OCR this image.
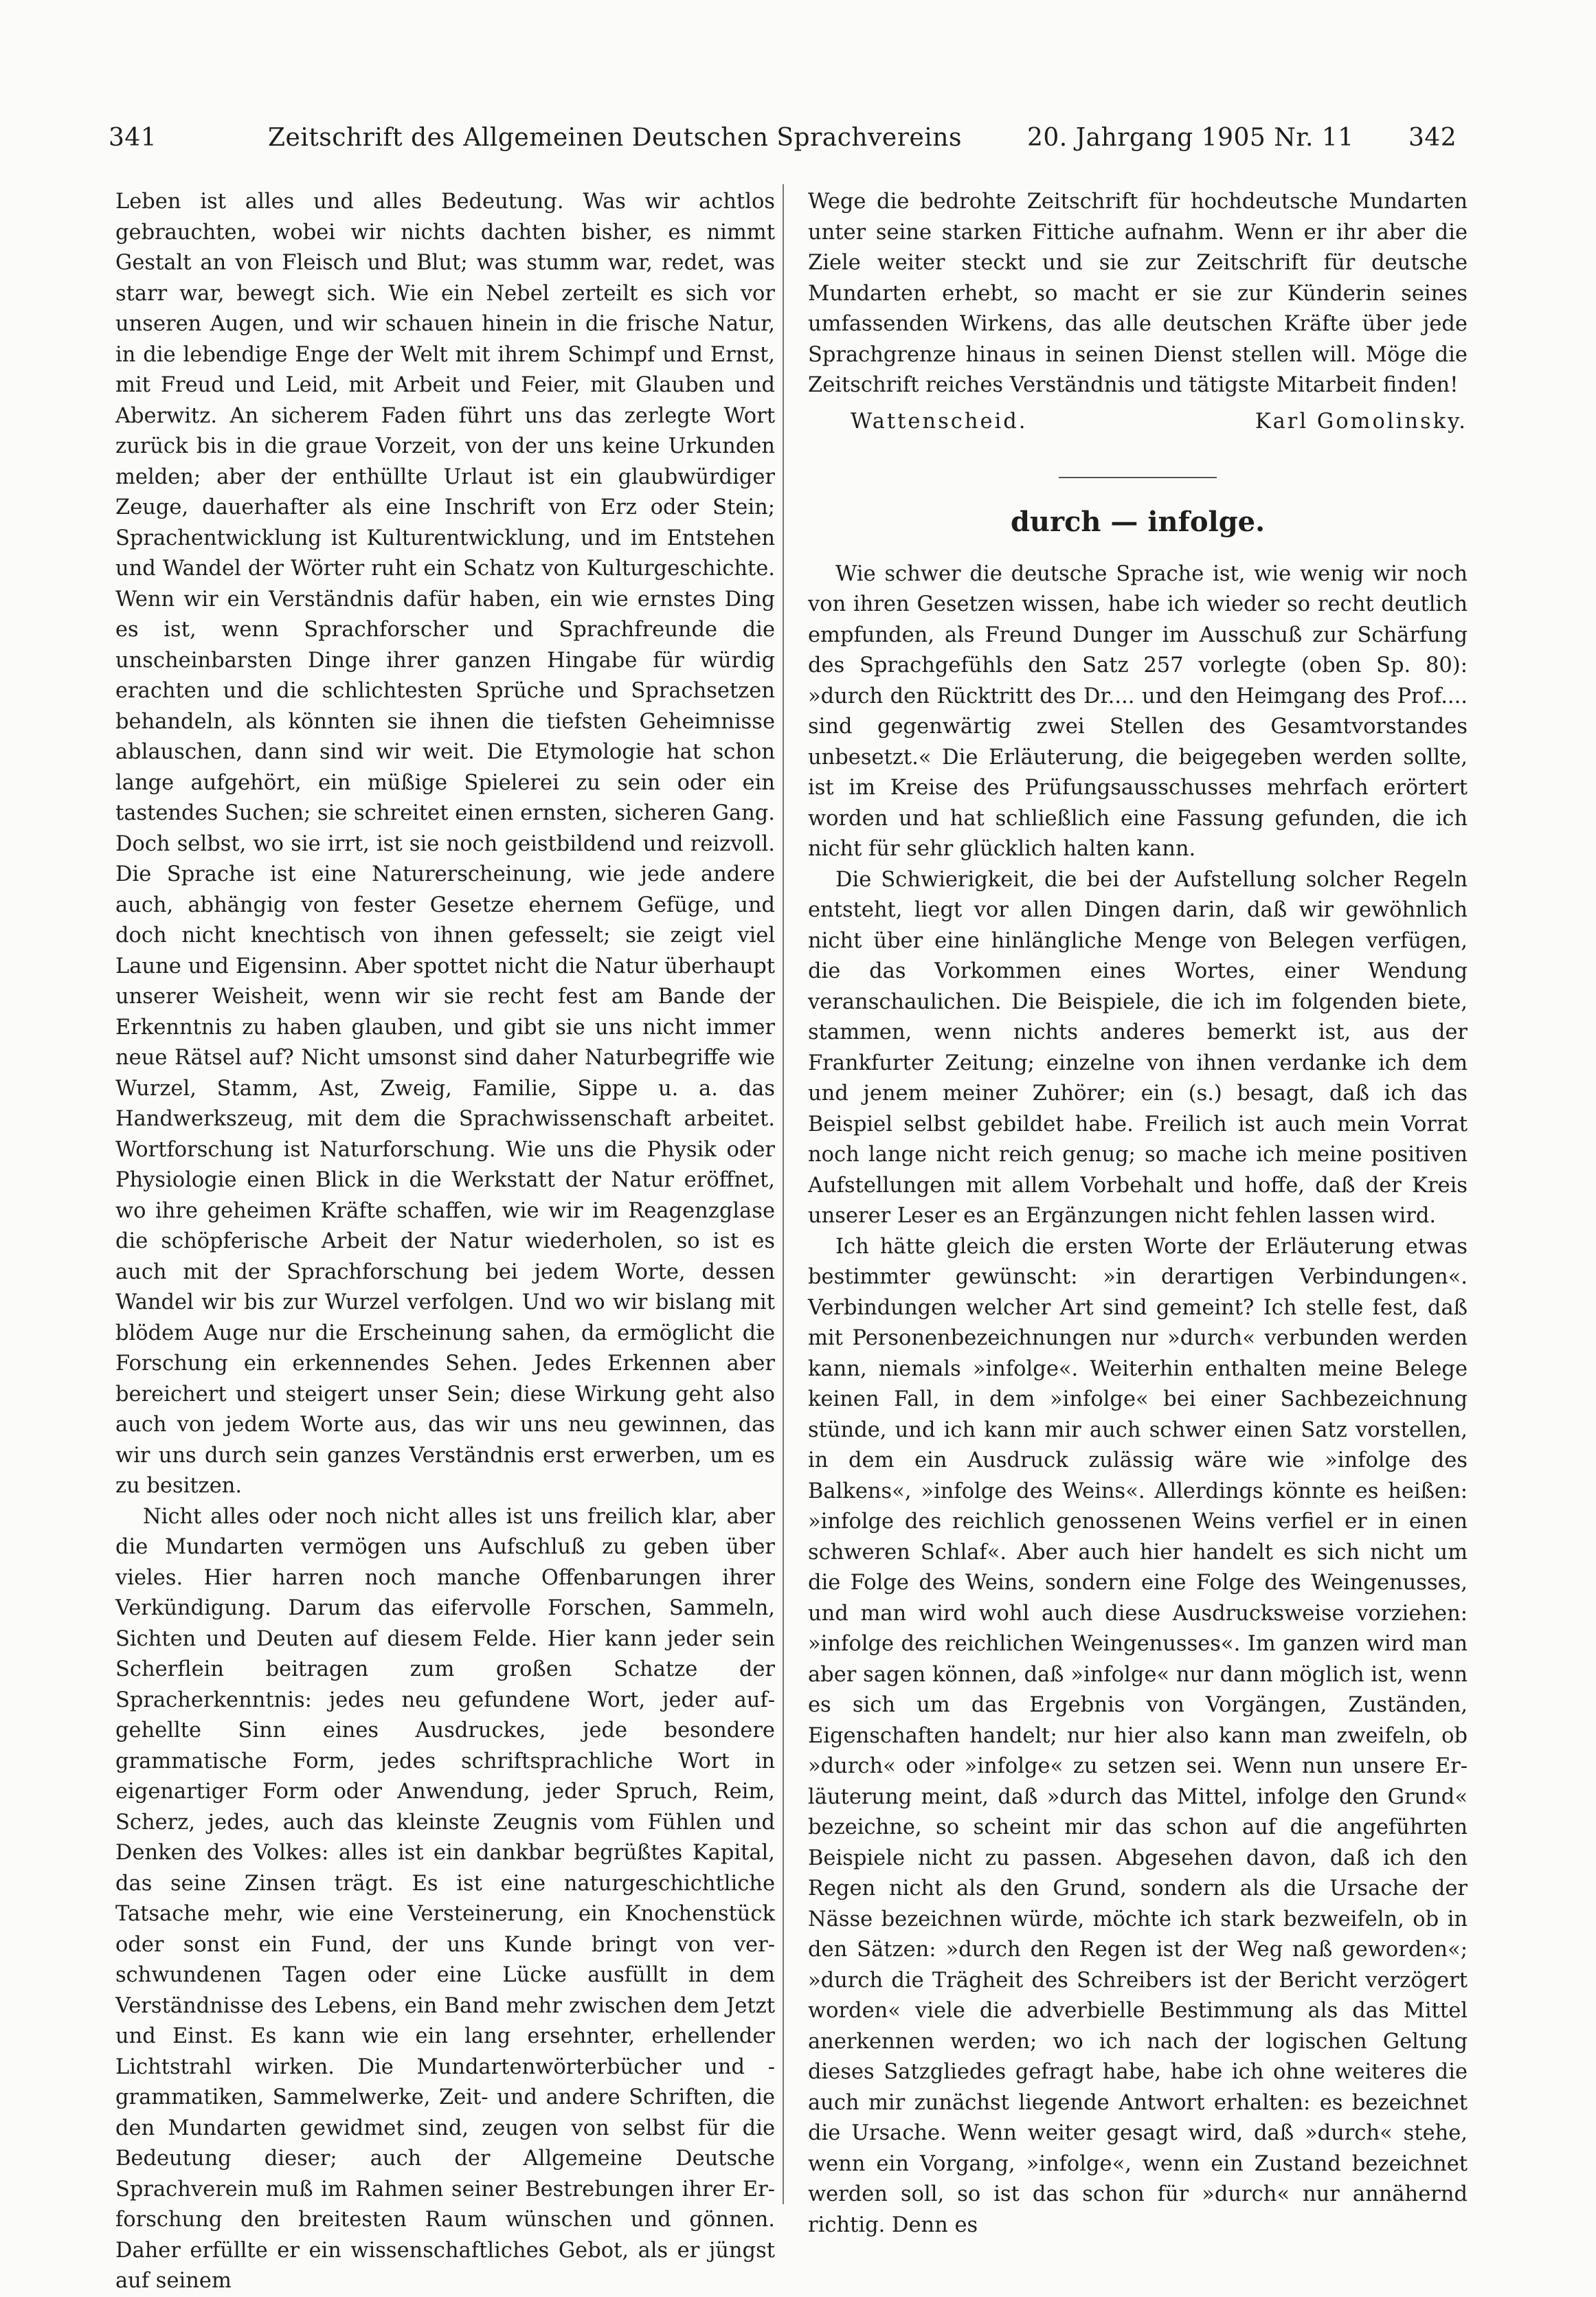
341	Zeitschrift des Allgemeinen Deutschen Sprachvereins	20. Jahrgang 1905 Nr. 11 342

Leben ist alles und alles Bedeutung. Was wir achtlos gebrauchten, wobei wir nichts dachten bisher, es nimmt Gestalt an von Fleisch und Blut; was stumm war, redet, was starr war, bewegt sich. Wie ein Nebel zerteilt es sich vor unseren Augen, und wir schauen hinein in die frische Natur, in die lebendige Enge der Welt mit ihrem Schimpf und Ernst, mit Freud und Leid, mit Arbeit und Feier, mit Glauben und Aberwitz. An sicherem Faden führt uns das zerlegte Wort zurück bis in die graue Vorzeit, von der uns keine Urkunden melden; aber der enthüllte Urlaut ist ein glaubwürdiger Zeuge, dauerhafter als eine Inschrift von Erz oder Stein; Sprachentwicklung ist Kulturentwicklung, und im Entstehen und Wandel der Wörter ruht ein Schatz von Kulturgeschichte. Wenn wir ein Verständnis dafür haben, ein wie ernstes Ding es ist, wenn Sprachforscher und Sprachfreunde die unscheinbarsten Dinge ihrer ganzen Hingabe für würdig erachten und die schlichtesten Sprüche und Sprachsetzen behandeln, als könnten sie ihnen die tiefsten Geheimnisse ablauschen, dann sind wir weit. Die Etymologie hat schon lange aufgehört, ein müßige Spielerei zu sein oder ein tastendes Suchen; sie schreitet einen ernsten, sicheren Gang. Doch selbst, wo sie irrt, ist sie noch geistbildend und reizvoll. Die Sprache ist eine Naturerscheinung, wie jede andere auch, abhängig von fester Gesetze ehernem Gefüge, und doch nicht knechtisch von ihnen gefesselt; sie zeigt viel Laune und Eigensinn. Aber spottet nicht die Natur überhaupt unserer Weisheit, wenn wir sie recht fest am Bande der Erkenntnis zu haben glauben, und gibt sie uns nicht immer neue Rätsel auf? Nicht umsonst sind daher Naturbegriffe wie Wurzel, Stamm, Ast, Zweig, Familie, Sippe u. a. das Handwerkszeug, mit dem die Sprachwissenschaft arbeitet. Wortforschung ist Naturforschung. Wie uns die Physik oder Physiologie einen Blick in die Werkstatt der Natur eröffnet, wo ihre geheimen Kräfte schaffen, wie wir im Reagenzglase die schöpferische Arbeit der Natur wiederholen, so ist es auch mit der Sprachforschung bei jedem Worte, dessen Wandel wir bis zur Wurzel verfolgen. Und wo wir bislang mit blödem Auge nur die Erscheinung sahen, da ermöglicht die Forschung ein erkennendes Sehen. Jedes Erkennen aber bereichert und steigert unser Sein; diese Wirkung geht also auch von jedem Worte aus, das wir uns neu gewinnen, das wir uns durch sein ganzes Verständnis erst erwerben, um es zu besitzen.

Nicht alles oder noch nicht alles ist uns freilich klar, aber die Mundarten vermögen uns Aufschluß zu geben über vieles. Hier harren noch manche Offenbarungen ihrer Verkündigung. Darum das eifervolle Forschen, Sammeln, Sichten und Deuten auf diesem Felde. Hier kann jeder sein Scherflein beitragen zum großen Schatze der Spracherkenntnis: jedes neu gefundene Wort, jeder aufgehellte Sinn eines Ausdruckes, jede besondere grammatische Form, jedes schriftsprachliche Wort in eigenartiger Form oder Anwendung, jeder Spruch, Reim, Scherz, jedes, auch das kleinste Zeugnis vom Fühlen und Denken des Volkes: alles ist ein dankbar begrüßtes Kapital, das seine Zinsen trägt. Es ist eine naturgeschichtliche Tatsache mehr, wie eine Versteinerung, ein Knochenstück oder sonst ein Fund, der uns Kunde bringt von verschwundenen Tagen oder eine Lücke ausfüllt in dem Verständnisse des Lebens, ein Band mehr zwischen dem Jetzt und Einst. Es kann wie ein lang ersehnter, erhellender Lichtstrahl wirken. Die Mundartenwörterbücher und -grammatiken, Sammelwerke, Zeit- und andere Schriften, die den Mundarten gewidmet sind, zeugen von selbst für die Bedeutung dieser; auch der Allgemeine Deutsche Sprachverein muß im Rahmen seiner Bestrebungen ihrer Erforschung den breitesten Raum wünschen und gönnen. Daher erfüllte er ein wissenschaftliches Gebot, als er jüngst auf seinem

Wege die bedrohte Zeitschrift für hochdeutsche Mundarten unter seine starken Fittiche aufnahm. Wenn er ihr aber die Ziele weiter steckt und sie zur Zeitschrift für deutsche Mundarten erhebt, so macht er sie zur Künderin seines umfassenden Wirkens, das alle deutschen Kräfte über jede Sprachgrenze hinaus in seinen Dienst stellen will. Möge die Zeitschrift reiches Verständnis und tätigste Mitarbeit finden!

Wattenscheid.	Karl Gomolinsky.
durch — infolge.

Wie schwer die deutsche Sprache ist, wie wenig wir noch von ihren Gesetzen wissen, habe ich wieder so recht deutlich empfunden, als Freund Dunger im Ausschuß zur Schärfung des Sprachgefühls den Satz 257 vorlegte (oben Sp. 80): »durch den Rücktritt des Dr.... und den Heimgang des Prof.... sind gegenwärtig zwei Stellen des Gesamtvorstandes unbesetzt.« Die Erläuterung, die beigegeben werden sollte, ist im Kreise des Prüfungsausschusses mehrfach erörtert worden und hat schließlich eine Fassung gefunden, die ich nicht für sehr glücklich halten kann.

Die Schwierigkeit, die bei der Aufstellung solcher Regeln entsteht, liegt vor allen Dingen darin, daß wir gewöhnlich nicht über eine hinlängliche Menge von Belegen verfügen, die das Vorkommen eines Wortes, einer Wendung veranschaulichen. Die Beispiele, die ich im folgenden biete, stammen, wenn nichts anderes bemerkt ist, aus der Frankfurter Zeitung; einzelne von ihnen verdanke ich dem und jenem meiner Zuhörer; ein (s.) besagt, daß ich das Beispiel selbst gebildet habe. Freilich ist auch mein Vorrat noch lange nicht reich genug; so mache ich meine positiven Aufstellungen mit allem Vorbehalt und hoffe, daß der Kreis unserer Leser es an Ergänzungen nicht fehlen lassen wird.

Ich hätte gleich die ersten Worte der Erläuterung etwas bestimmter gewünscht: »in derartigen Verbindungen«. Verbindungen welcher Art sind gemeint? Ich stelle fest, daß mit Personenbezeichnungen nur »durch« verbunden werden kann, niemals »infolge«. Weiterhin enthalten meine Belege keinen Fall, in dem »infolge« bei einer Sachbezeichnung stünde, und ich kann mir auch schwer einen Satz vorstellen, in dem ein Ausdruck zulässig wäre wie »infolge des Balkens«, »infolge des Weins«. Allerdings könnte es heißen: »infolge des reichlich genossenen Weins verfiel er in einen schweren Schlaf«. Aber auch hier handelt es sich nicht um die Folge des Weins, sondern eine Folge des Weingenusses, und man wird wohl auch diese Ausdrucksweise vorziehen: »infolge des reichlichen Weingenusses«. Im ganzen wird man aber sagen können, daß »infolge« nur dann möglich ist, wenn es sich um das Ergebnis von Vorgängen, Zuständen, Eigenschaften handelt; nur hier also kann man zweifeln, ob »durch« oder »infolge« zu setzen sei. Wenn nun unsere Erläuterung meint, daß »durch das Mittel, infolge den Grund« bezeichne, so scheint mir das schon auf die angeführten Beispiele nicht zu passen. Abgesehen davon, daß ich den Regen nicht als den Grund, sondern als die Ursache der Nässe bezeichnen würde, möchte ich stark bezweifeln, ob in den Sätzen: »durch den Regen ist der Weg naß geworden«; »durch die Trägheit des Schreibers ist der Bericht verzögert worden« viele die adverbielle Bestimmung als das Mittel anerkennen werden; wo ich nach der logischen Geltung dieses Satzgliedes gefragt habe, habe ich ohne weiteres die auch mir zunächst liegende Antwort erhalten: es bezeichnet die Ursache. Wenn weiter gesagt wird, daß »durch« stehe, wenn ein Vorgang, »infolge«, wenn ein Zustand bezeichnet werden soll, so ist das schon für »durch« nur annähernd richtig. Denn es
